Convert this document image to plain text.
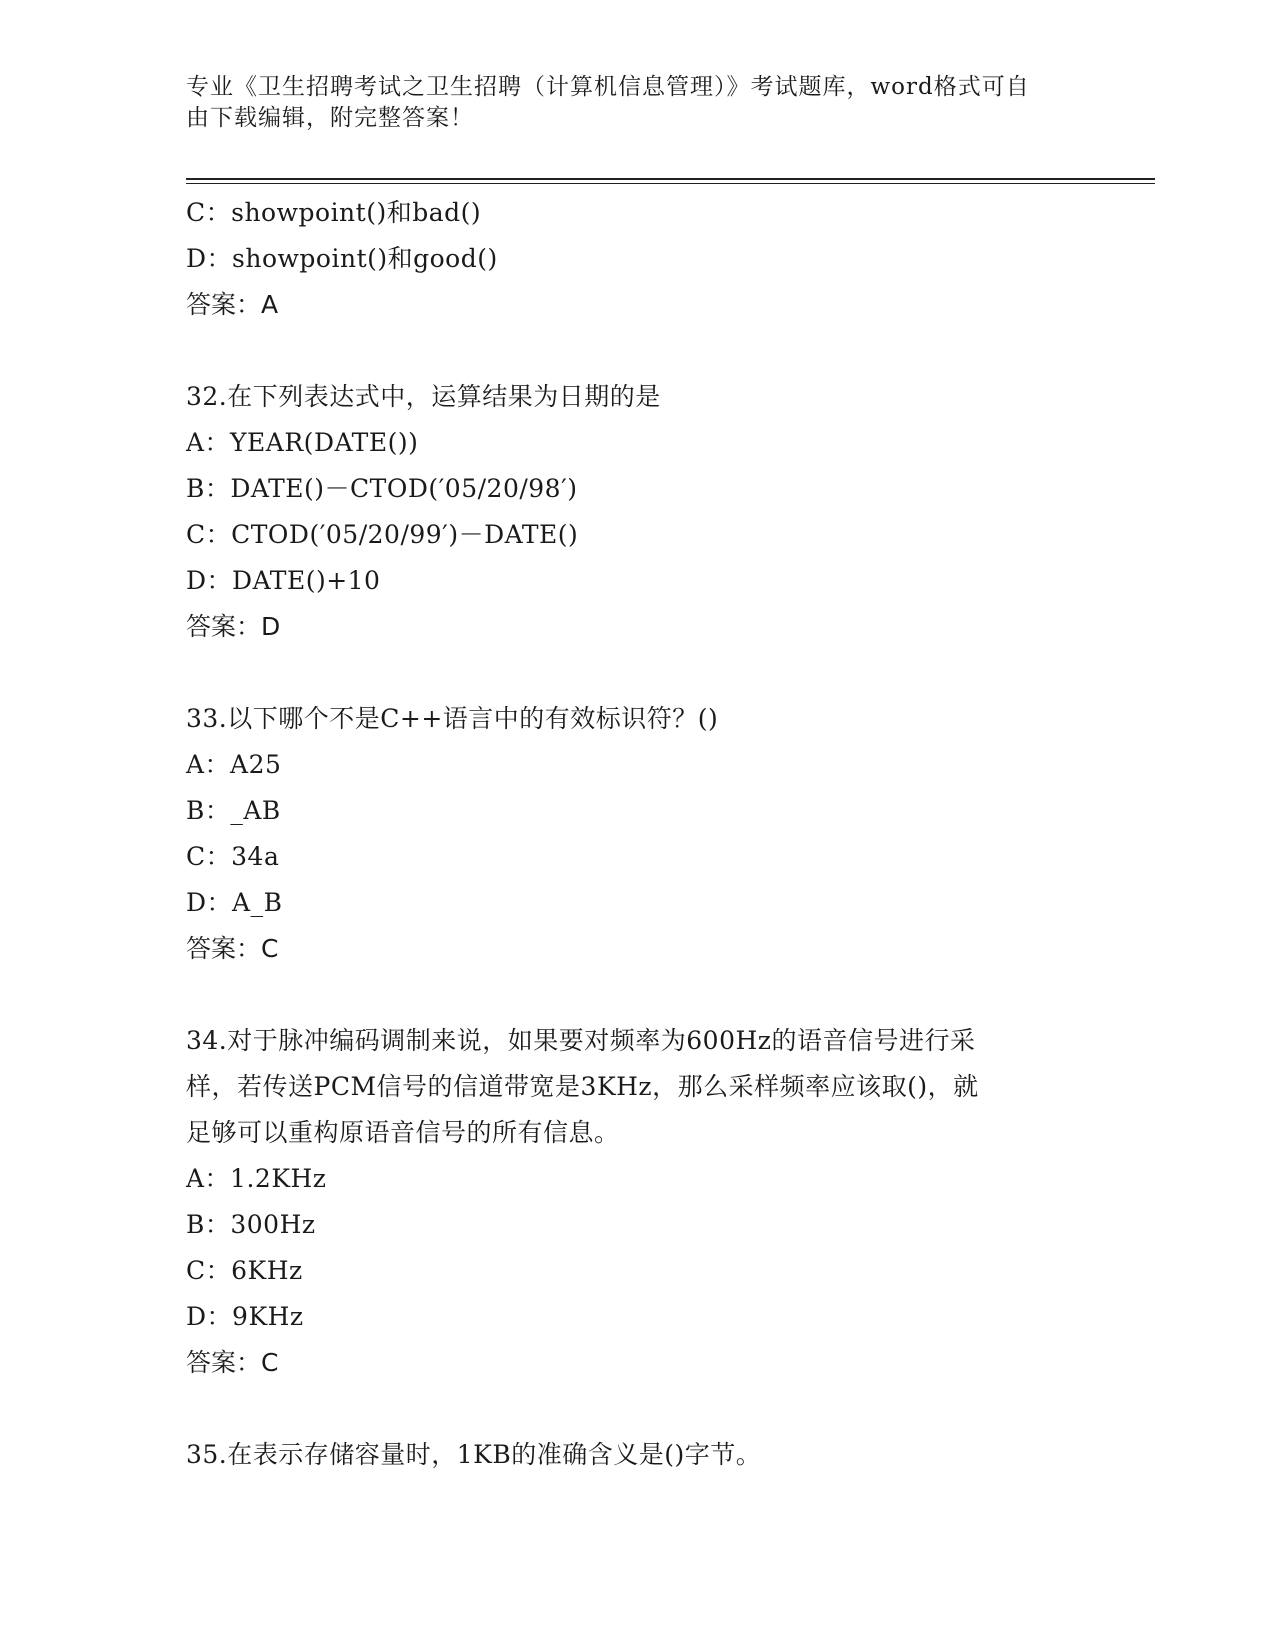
专业《卫生招聘考试之卫生招聘（计算机信息管理）》考试题库，word格式可自
由下载编辑，附完整答案！
C：showpoint()和bad()
D：showpoint()和good()
答案：A
32.在下列表达式中，运算结果为日期的是
A：YEAR(DATE())
B：DATE()－CTOD(′05/20/98′)
C：CTOD(′05/20/99′)－DATE()
D：DATE()+10
答案：D
33.以下哪个不是C++语言中的有效标识符？()
A：A25
B：_AB
C：34a
D：A_B
答案：C
34.对于脉冲编码调制来说，如果要对频率为600Hz的语音信号进行采
样，若传送PCM信号的信道带宽是3KHz，那么采样频率应该取()，就
足够可以重构原语音信号的所有信息。
A：1.2KHz
B：300Hz
C：6KHz
D：9KHz
答案：C
35.在表示存储容量时，1KB的准确含义是()字节。
